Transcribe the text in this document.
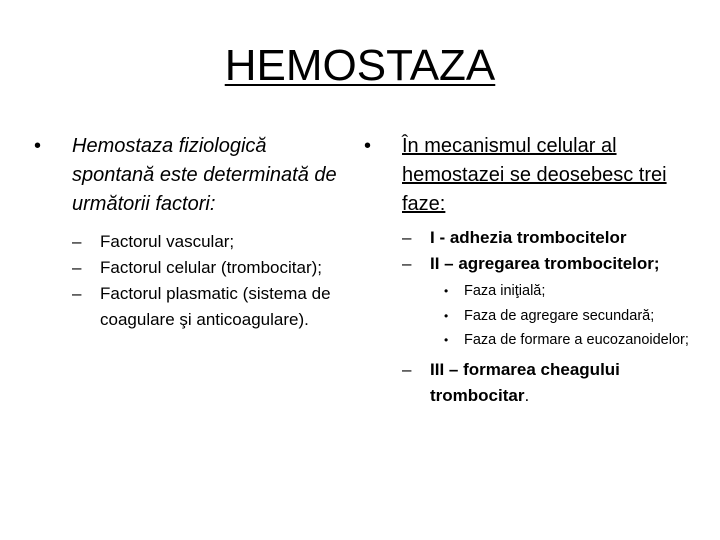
HEMOSTAZA
•	Hemostaza fiziologică spontană este determinată de următorii factori:
–	Factorul vascular;
–	Factorul celular (trombocitar);
–	Factorul plasmatic (sistema de coagulare şi anticoagulare).
•	În mecanismul celular al hemostazei se deosebesc trei faze:
–	I - adhezia trombocitelor
–	II – agregarea trombocitelor;
•	Faza iniţială;
•	Faza de agregare secundară;
•	Faza de formare a eucozanoidelor;
–	III – formarea cheagului trombocitar.
